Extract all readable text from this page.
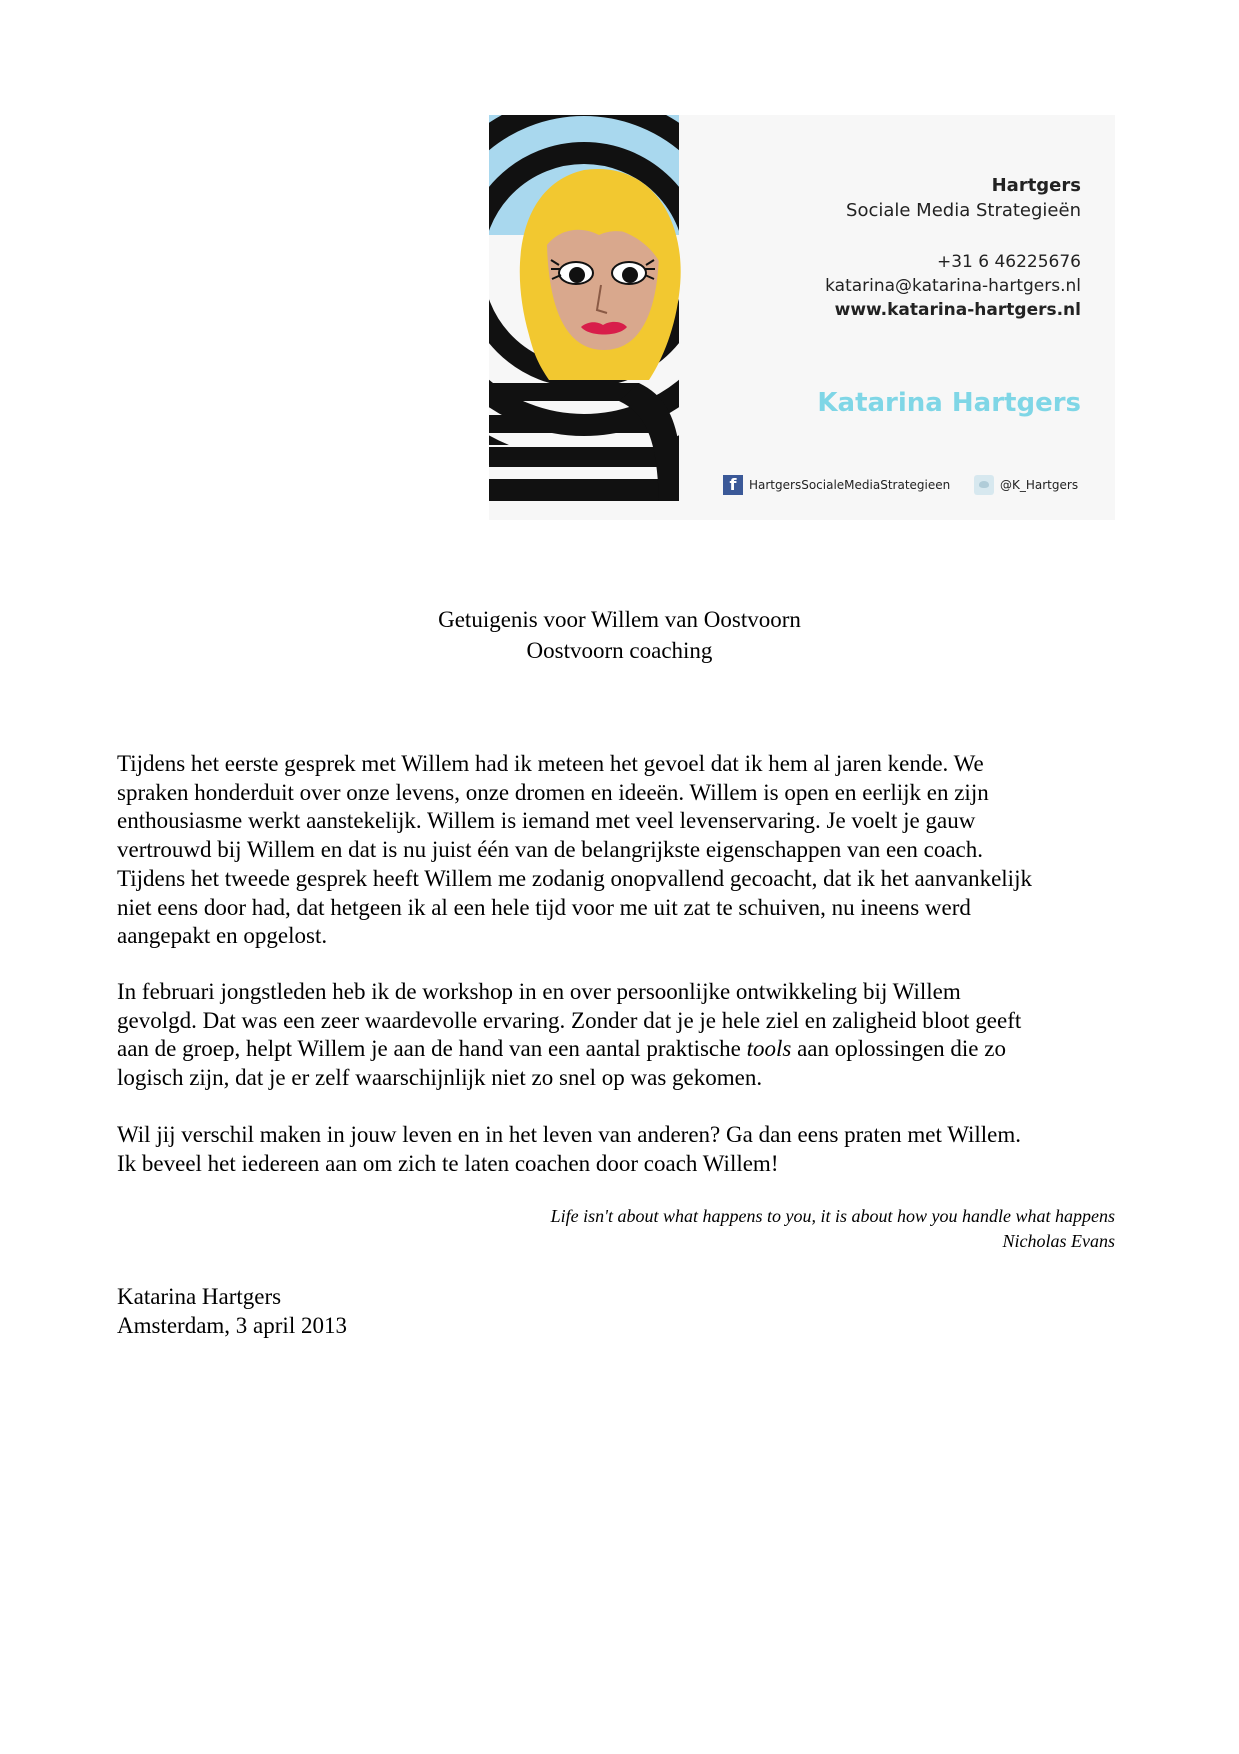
Hartgers
Sociale Media Strategieën
+31 6 46225676
katarina@katarina-hartgers.nl
www.katarina-hartgers.nl
Katarina Hartgers
f	HartgersSocialeMediaStrategieen	@K_Hartgers
Getuigenis voor Willem van Oostvoorn
Oostvoorn coaching
Tijdens het eerste gesprek met Willem had ik meteen het gevoel dat ik hem al jaren kende. We
spraken honderduit over onze levens, onze dromen en ideeën. Willem is open en eerlijk en zijn
enthousiasme werkt aanstekelijk. Willem is iemand met veel levenservaring. Je voelt je gauw
vertrouwd bij Willem en dat is nu juist één van de belangrijkste eigenschappen van een coach.
Tijdens het tweede gesprek heeft Willem me zodanig onopvallend gecoacht, dat ik het aanvankelijk
niet eens door had, dat hetgeen ik al een hele tijd voor me uit zat te schuiven, nu ineens werd
aangepakt en opgelost.
In februari jongstleden heb ik de workshop in en over persoonlijke ontwikkeling bij Willem
gevolgd. Dat was een zeer waardevolle ervaring. Zonder dat je je hele ziel en zaligheid bloot geeft
aan de groep, helpt Willem je aan de hand van een aantal praktische tools aan oplossingen die zo
logisch zijn, dat je er zelf waarschijnlijk niet zo snel op was gekomen.
Wil jij verschil maken in jouw leven en in het leven van anderen? Ga dan eens praten met Willem.
Ik beveel het iedereen aan om zich te laten coachen door coach Willem!
Life isn't about what happens to you, it is about how you handle what happens
Nicholas Evans
Katarina Hartgers
Amsterdam, 3 april 2013
